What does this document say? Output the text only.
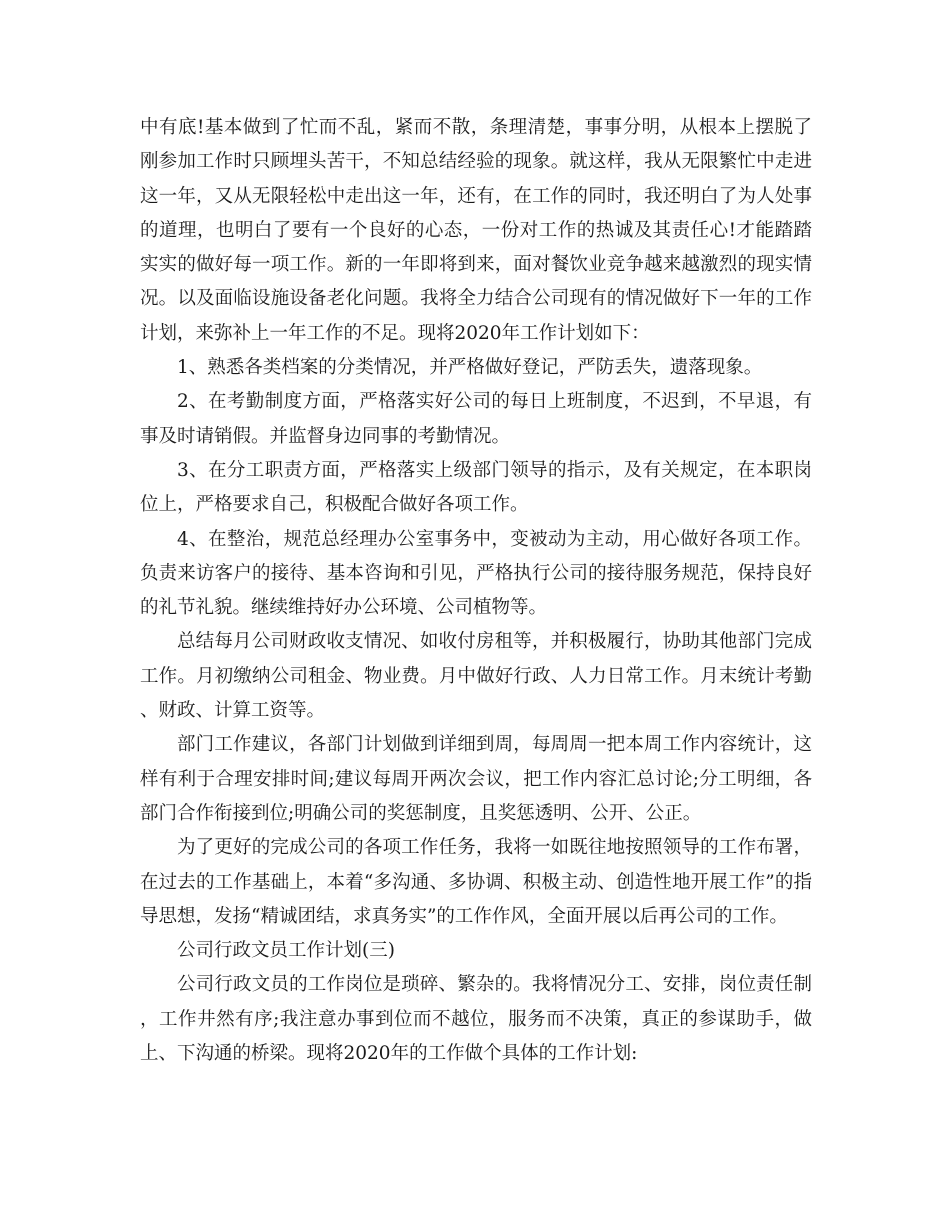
中有底!基本做到了忙而不乱，紧而不散，条理清楚，事事分明，从根本上摆脱了刚参加工作时只顾埋头苦干，不知总结经验的现象。就这样，我从无限繁忙中走进这一年，又从无限轻松中走出这一年，还有，在工作的同时，我还明白了为人处事的道理，也明白了要有一个良好的心态，一份对工作的热诚及其责任心!才能踏踏实实的做好每一项工作。新的一年即将到来，面对餐饮业竞争越来越激烈的现实情况。以及面临设施设备老化问题。我将全力结合公司现有的情况做好下一年的工作计划，来弥补上一年工作的不足。现将2020年工作计划如下：

1、熟悉各类档案的分类情况，并严格做好登记，严防丢失，遗落现象。

2、在考勤制度方面，严格落实好公司的每日上班制度，不迟到，不早退，有事及时请销假。并监督身边同事的考勤情况。

3、在分工职责方面，严格落实上级部门领导的指示，及有关规定，在本职岗位上，严格要求自己，积极配合做好各项工作。

4、在整治，规范总经理办公室事务中，变被动为主动，用心做好各项工作。负责来访客户的接待、基本咨询和引见，严格执行公司的接待服务规范，保持良好的礼节礼貌。继续维持好办公环境、公司植物等。

总结每月公司财政收支情况、如收付房租等，并积极履行，协助其他部门完成工作。月初缴纳公司租金、物业费。月中做好行政、人力日常工作。月末统计考勤、财政、计算工资等。

部门工作建议，各部门计划做到详细到周，每周周一把本周工作内容统计，这样有利于合理安排时间;建议每周开两次会议，把工作内容汇总讨论;分工明细，各部门合作衔接到位;明确公司的奖惩制度，且奖惩透明、公开、公正。

为了更好的完成公司的各项工作任务，我将一如既往地按照领导的工作布署，在过去的工作基础上，本着“多沟通、多协调、积极主动、创造性地开展工作”的指导思想，发扬“精诚团结，求真务实”的工作作风，全面开展以后再公司的工作。

公司行政文员工作计划(三)

公司行政文员的工作岗位是琐碎、繁杂的。我将情况分工、安排，岗位责任制，工作井然有序;我注意办事到位而不越位，服务而不决策，真正的参谋助手，做上、下沟通的桥梁。现将2020年的工作做个具体的工作计划:
